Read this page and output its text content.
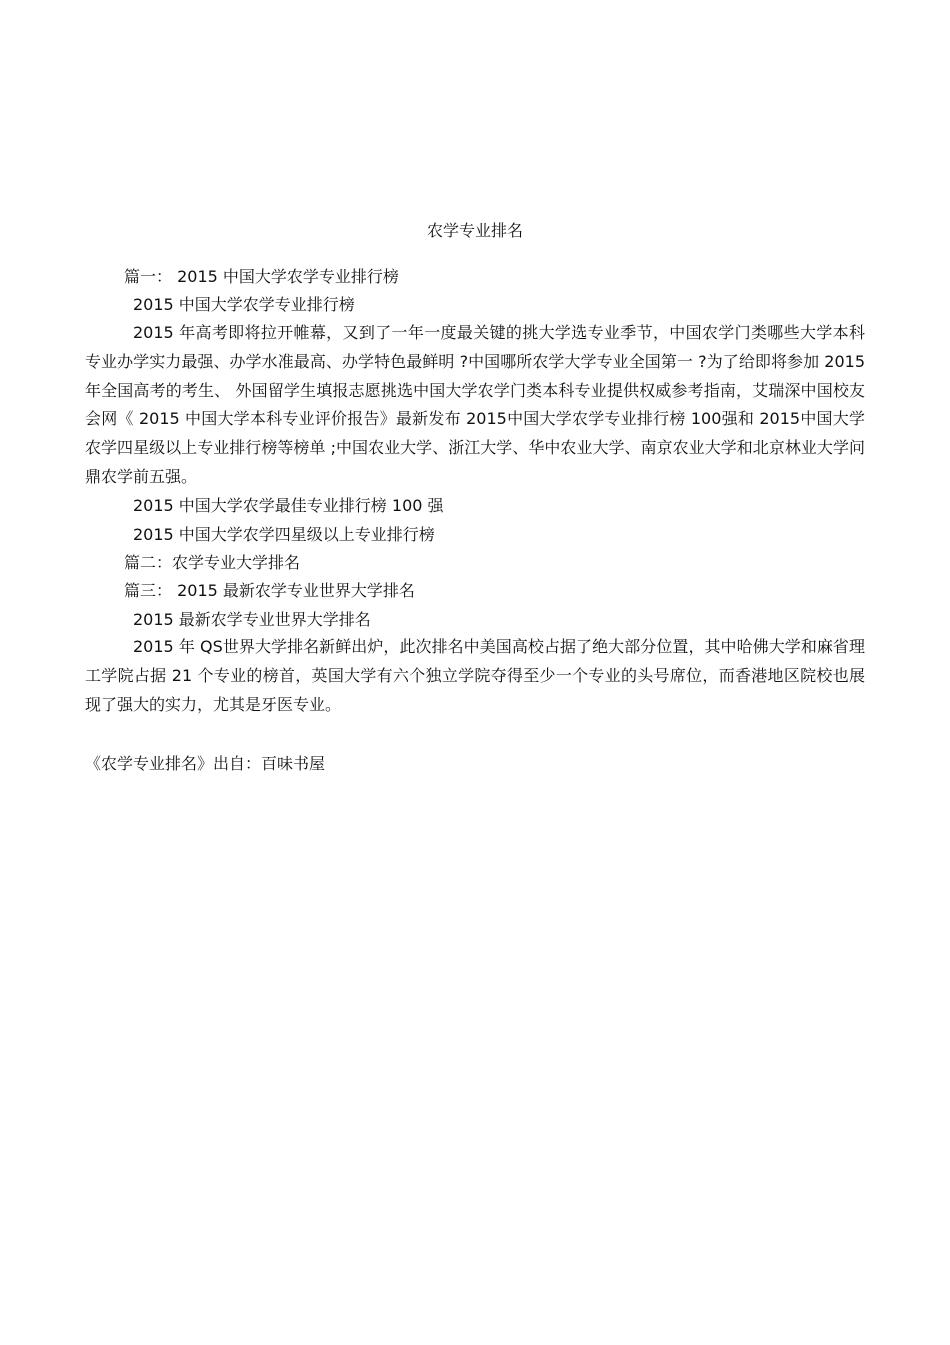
农学专业排名
篇一： 2015 中国大学农学专业排行榜
2015 中国大学农学专业排行榜
2015 年高考即将拉开帷幕，又到了一年一度最关键的挑大学选专业季节，中国农学门类哪些大学本科专业办学实力最强、办学水准最高、办学特色最鲜明 ?中国哪所农学大学专业全国第一 ?为了给即将参加 2015 年全国高考的考生、 外国留学生填报志愿挑选中国大学农学门类本科专业提供权威参考指南，艾瑞深中国校友会网《 2015 中国大学本科专业评价报告》最新发布 2015中国大学农学专业排行榜 100强和 2015中国大学农学四星级以上专业排行榜等榜单 ;中国农业大学、浙江大学、华中农业大学、南京农业大学和北京林业大学问鼎农学前五强。
2015 中国大学农学最佳专业排行榜 100 强
2015 中国大学农学四星级以上专业排行榜
篇二：农学专业大学排名
篇三： 2015 最新农学专业世界大学排名
2015 最新农学专业世界大学排名
2015 年 QS世界大学排名新鲜出炉，此次排名中美国高校占据了绝大部分位置，其中哈佛大学和麻省理工学院占据 21 个专业的榜首，英国大学有六个独立学院夺得至少一个专业的头号席位，而香港地区院校也展现了强大的实力，尤其是牙医专业。
《农学专业排名》出自：百味书屋
